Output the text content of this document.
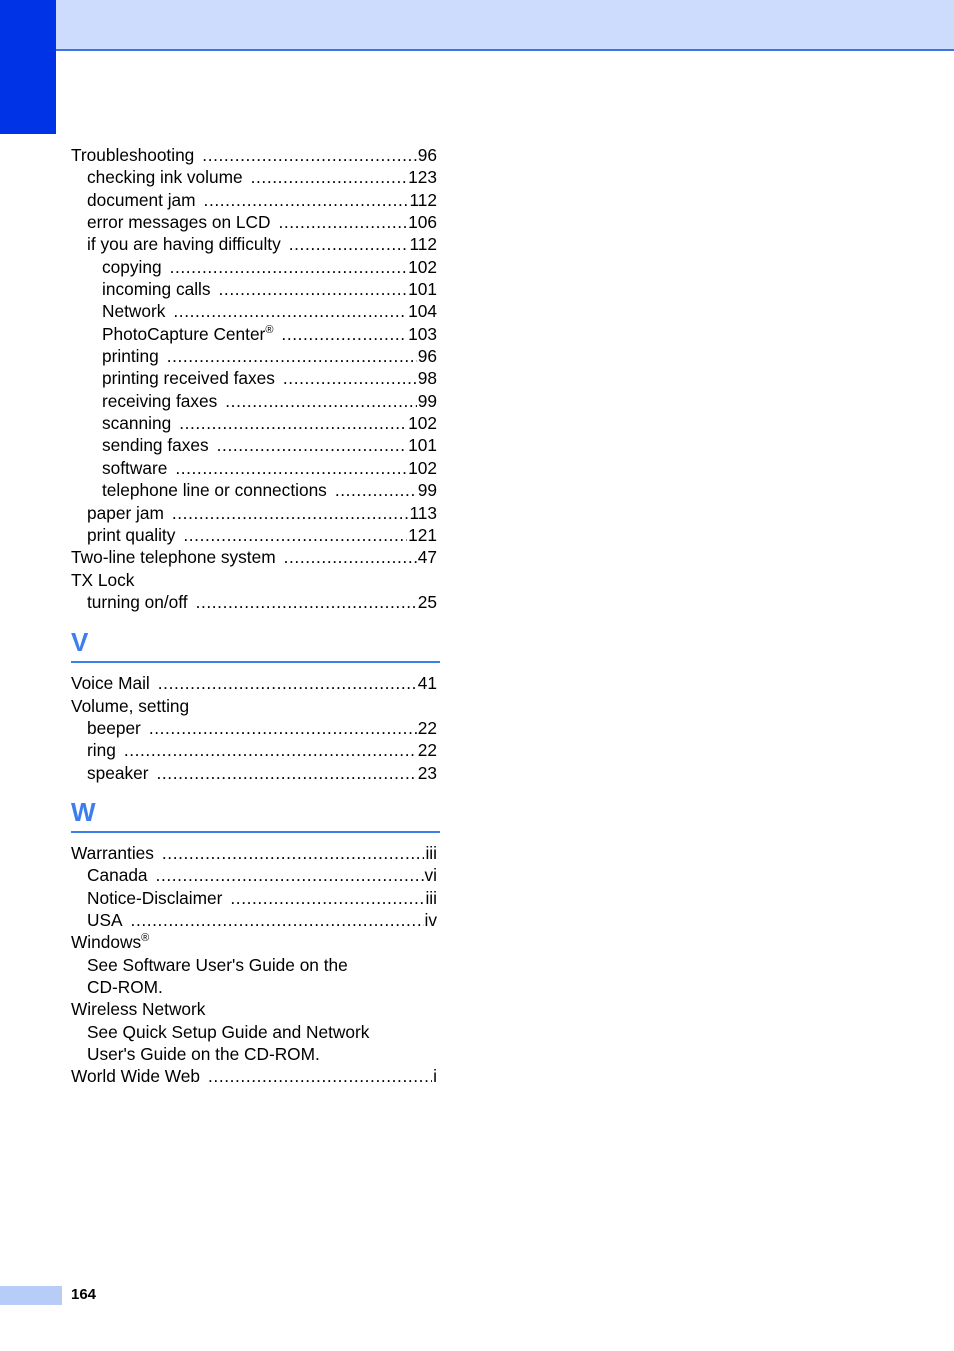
Troubleshooting .....	96
checking ink volume .....	123
document jam .....	112
error messages on LCD .....	106
if you are having difficulty .....	112
copying .....	102
incoming calls .....	101
Network .....	104
PhotoCapture Center® .....	103
printing .....	96
printing received faxes .....	98
receiving faxes .....	99
scanning .....	102
sending faxes .....	101
software .....	102
telephone line or connections .....	99
paper jam .....	113
print quality .....	121
Two-line telephone system .....	47
TX Lock
turning on/off .....	25
V
Voice Mail .....	41
Volume, setting
beeper .....	22
ring .....	22
speaker .....	23
W
Warranties .....	iii
Canada .....	vi
Notice-Disclaimer .....	iii
USA .....	iv
Windows®
See Software User's Guide on the
CD-ROM.
Wireless Network
See Quick Setup Guide and Network
User's Guide on the CD-ROM.
World Wide Web .....	i
164
